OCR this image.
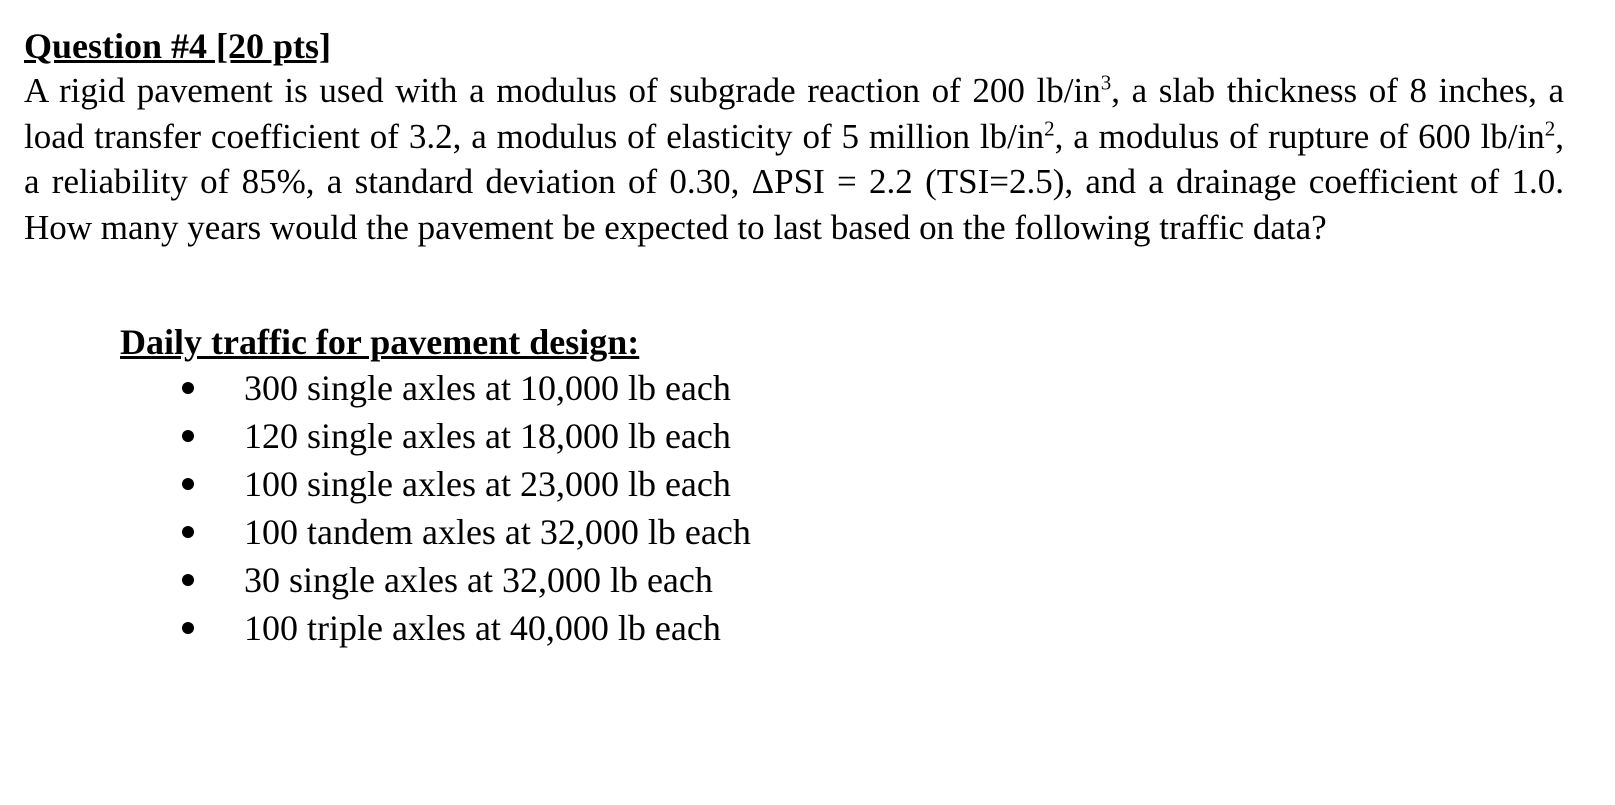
Question #4 [20 pts]

A rigid pavement is used with a modulus of subgrade reaction of 200 $lb/in^3$, a slab thickness of 8 inches, a load transfer coefficient of 3.2, a modulus of elasticity of 5 million $lb/in^2$, a modulus of rupture of 600 $lb/in^2$, a reliability of 85%, a standard deviation of 0.30, ΔPSI = 2.2 (TSI=2.5), and a drainage coefficient of 1.0. How many years would the pavement be expected to last based on the following traffic data?

Daily traffic for pavement design:
300 single axles at 10,000 lb each
120 single axles at 18,000 lb each
100 single axles at 23,000 lb each
100 tandem axles at 32,000 lb each
30 single axles at 32,000 lb each
100 triple axles at 40,000 lb each
